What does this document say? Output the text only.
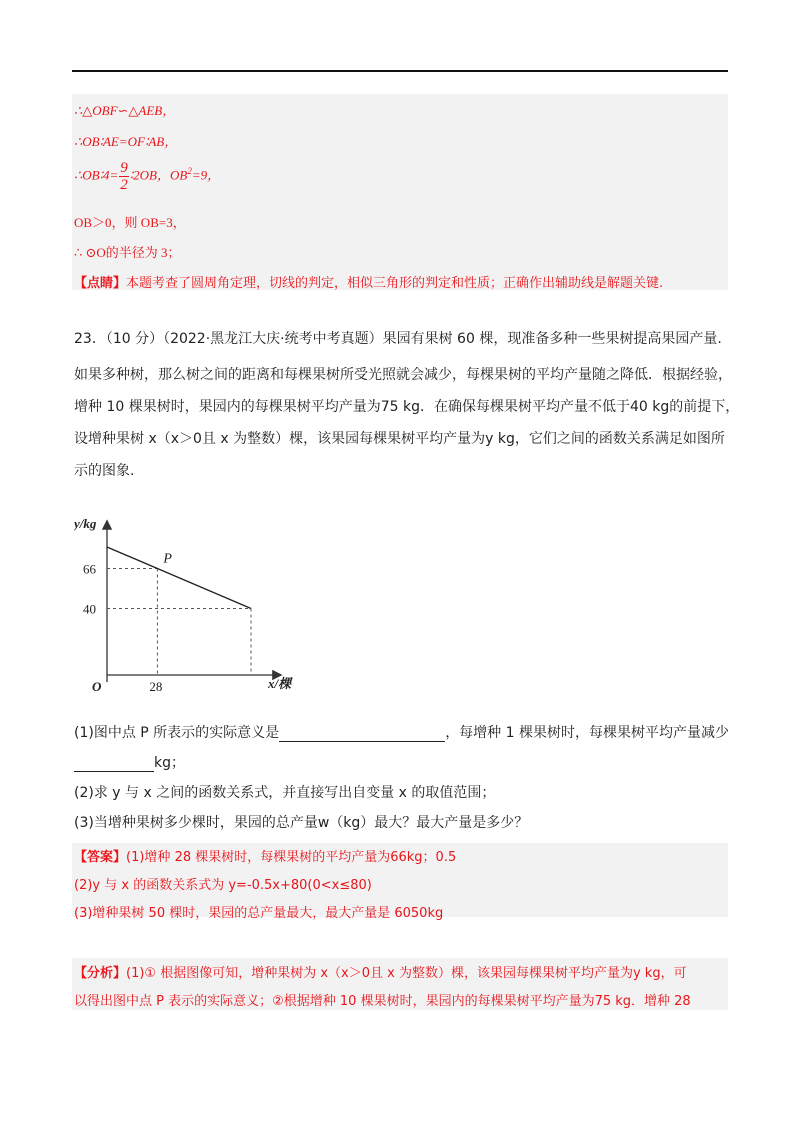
∴△OBF∽△AEB，
∴OB∶AE=OF∶AB，
∴OB∶4= $\frac{9}{2}$ ∶2OB，$OB^2=9$，
OB＞0，则 OB=3，
∴ ⊙O的半径为 3；
【点睛】本题考查了圆周角定理，切线的判定，相似三角形的判定和性质；正确作出辅助线是解题关键.
23．（10 分）（2022·黑龙江大庆·统考中考真题）果园有果树 60 棵，现准备多种一些果树提高果园产量.
如果多种树，那么树之间的距离和每棵果树所受光照就会减少，每棵果树的平均产量随之降低．根据经验，
增种 10 棵果树时，果园内的每棵果树平均产量为75 kg．在确保每棵果树平均产量不低于40 kg的前提下，
设增种果树 x（x＞0且 x 为整数）棵，该果园每棵果树平均产量为y kg，它们之间的函数关系满足如图所
示的图象.
y/kg
x/棵
O
P
66
40
28
(1)图中点 P 所表示的实际意义是	，每增种 1 棵果树时，每棵果树平均产量减少
kg；
(2)求 y 与 x 之间的函数关系式，并直接写出自变量 x 的取值范围；
(3)当增种果树多少棵时，果园的总产量w（kg）最大？最大产量是多少？
【答案】(1)增种 28 棵果树时，每棵果树的平均产量为66kg；0.5
(2)y 与 x 的函数关系式为 y=-0.5x+80(0<x≤80)
(3)增种果树 50 棵时，果园的总产量最大，最大产量是 6050kg
【分析】(1)① 根据图像可知，增种果树为 x（x＞0且 x 为整数）棵，该果园每棵果树平均产量为y kg，可
以得出图中点 P 表示的实际意义；②根据增种 10 棵果树时，果园内的每棵果树平均产量为75 kg．增种 28
